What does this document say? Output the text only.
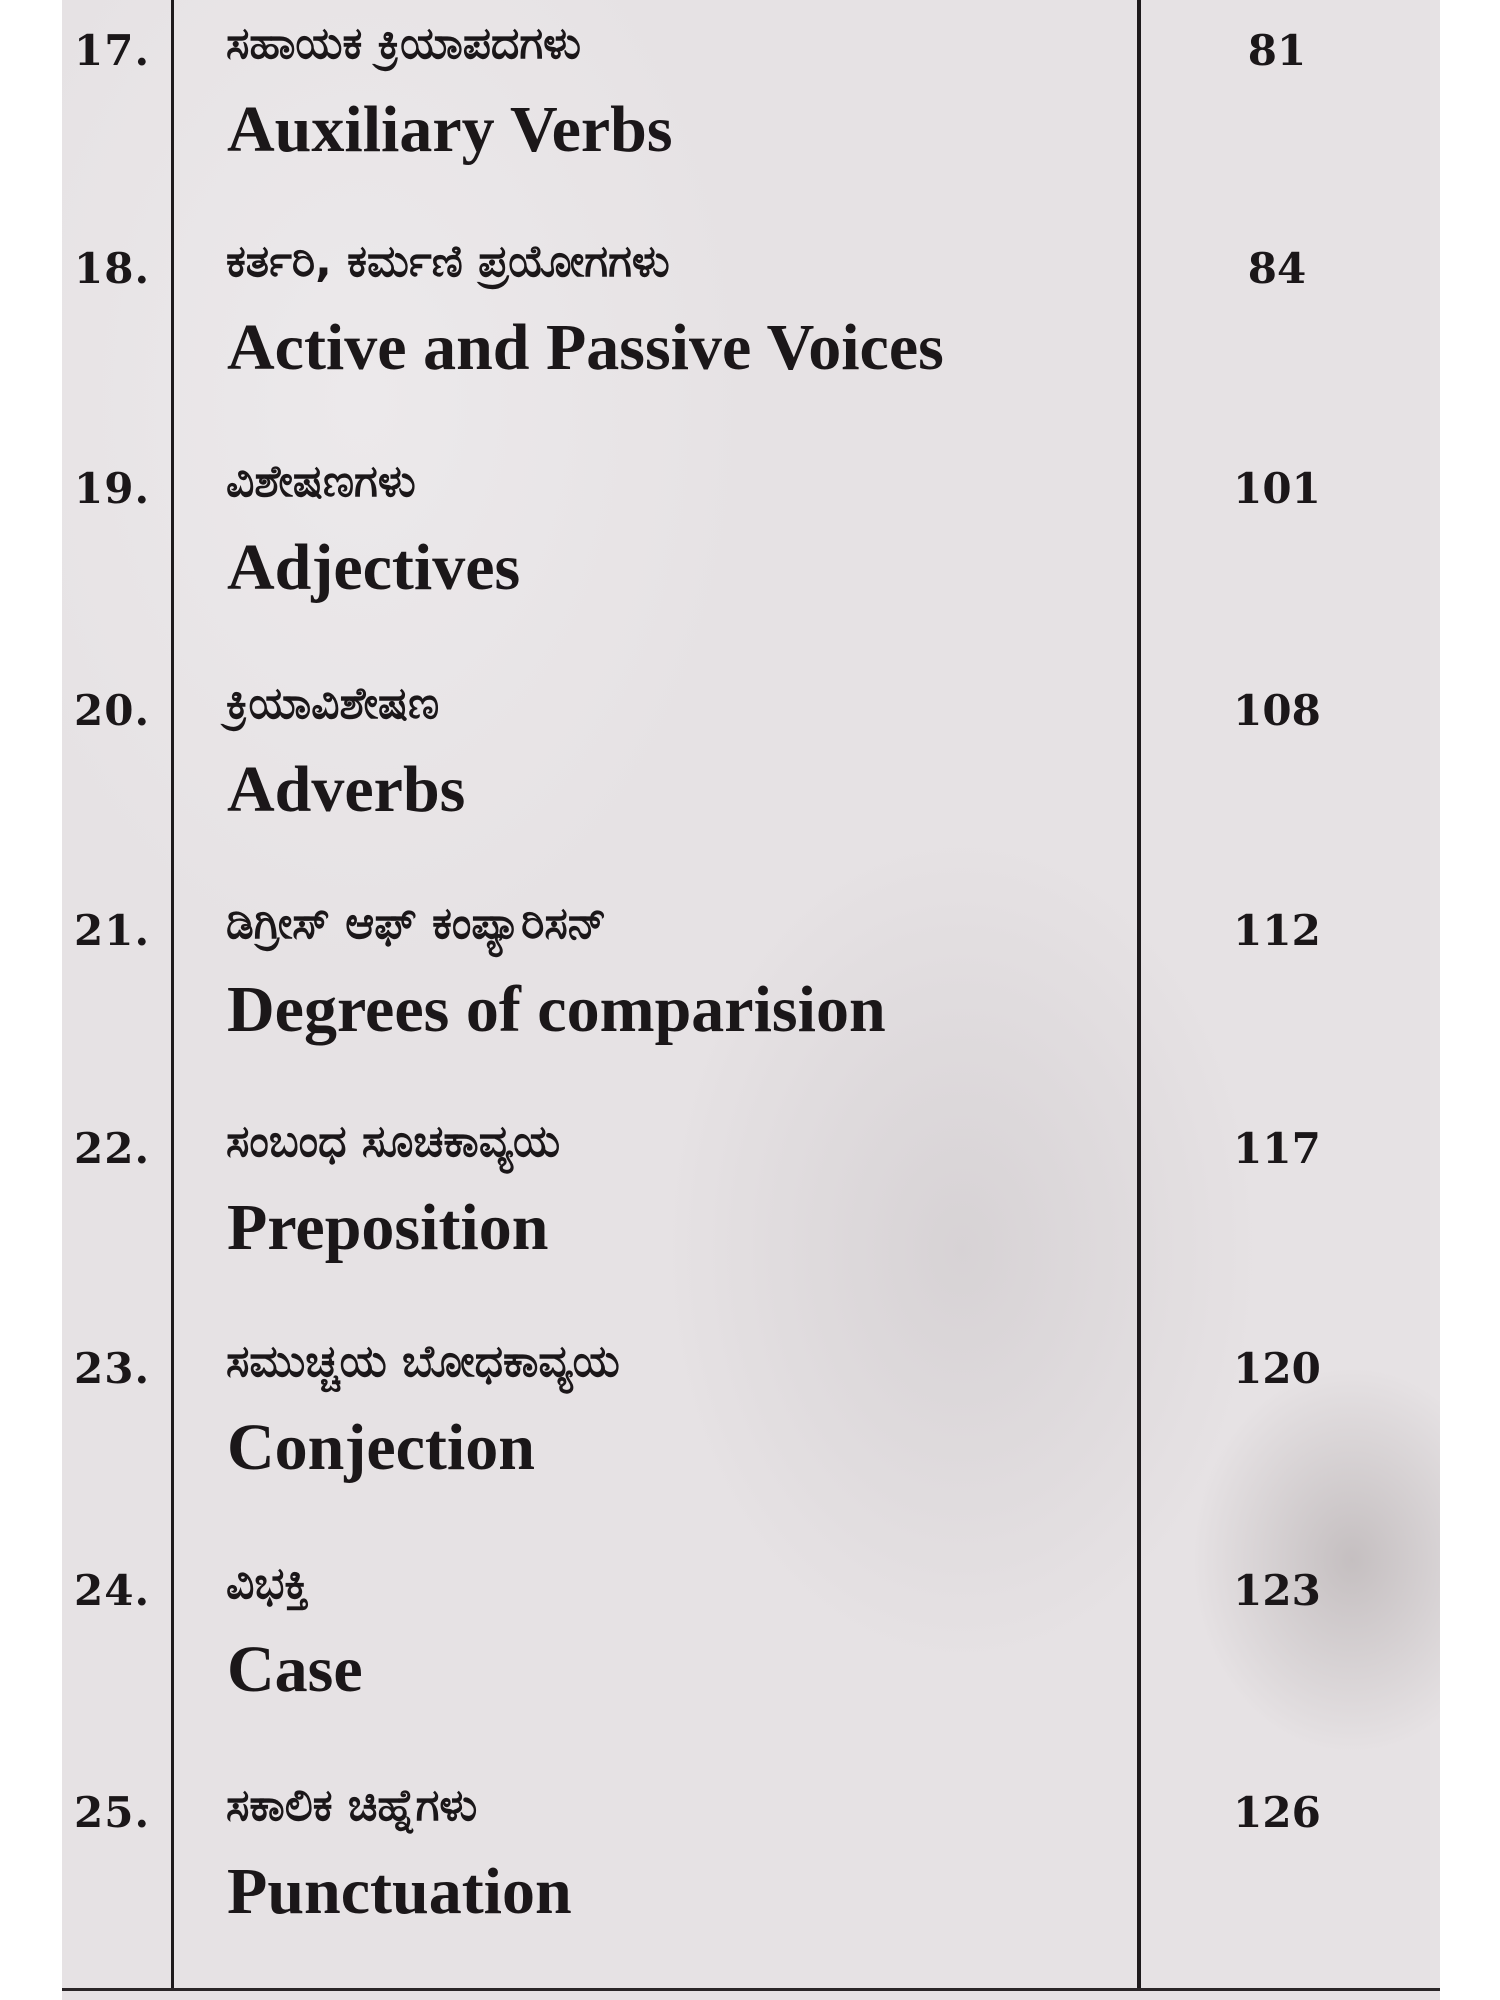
17. ಸಹಾಯಕ ಕ್ರಿಯಾಪದಗಳು
Auxiliary Verbs
81
18. ಕರ್ತರಿ, ಕರ್ಮಣಿ ಪ್ರಯೋಗಗಳು
Active and Passive Voices
84
19. ವಿಶೇಷಣಗಳು
Adjectives
101
20. ಕ್ರಿಯಾವಿಶೇಷಣ
Adverbs
108
21. ಡಿಗ್ರೀಸ್ ಆಫ್ ಕಂಪ್ಯಾರಿಸನ್
Degrees of comparision
112
22. ಸಂಬಂಧ ಸೂಚಕಾವ್ಯಯ
Preposition
117
23. ಸಮುಚ್ಚಯ ಬೋಧಕಾವ್ಯಯ
Conjection
120
24. ವಿಭಕ್ತಿ
Case
123
25. ಸಕಾಲಿಕ ಚಿಹ್ನೆಗಳು
Punctuation
126
